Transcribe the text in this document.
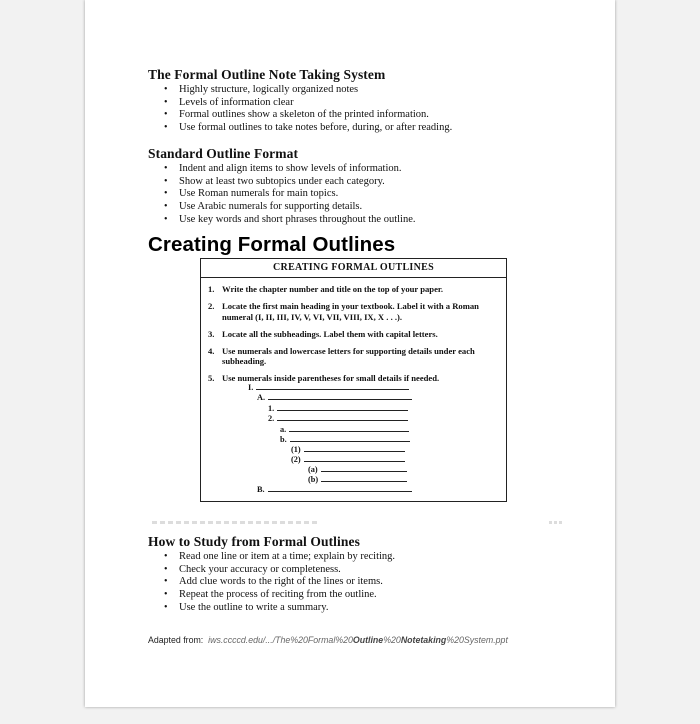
The Formal Outline Note Taking System
• Highly structure, logically organized notes
• Levels of information clear
• Formal outlines show a skeleton of the printed information.
• Use formal outlines to take notes before, during, or after reading.
Standard Outline Format
• Indent and align items to show levels of information.
• Show at least two subtopics under each category.
• Use Roman numerals for main topics.
• Use Arabic numerals for supporting details.
• Use key words and short phrases throughout the outline.
Creating Formal Outlines
CREATING FORMAL OUTLINES
1. Write the chapter number and title on the top of your paper.
2. Locate the first main heading in your textbook. Label it with a Roman numeral (I, II, III, IV, V, VI, VII, VIII, IX, X . . .).
3. Locate all the subheadings. Label them with capital letters.
4. Use numerals and lowercase letters for supporting details under each subheading.
5. Use numerals inside parentheses for small details if needed.
I.
A.
1.
2.
a.
b.
(1)
(2)
(a)
(b)
B.
How to Study from Formal Outlines
• Read one line or item at a time; explain by reciting.
• Check your accuracy or completeness.
• Add clue words to the right of the lines or items.
• Repeat the process of reciting from the outline.
• Use the outline to write a summary.
Adapted from: iws.ccccd.edu/.../The%20Formal%20Outline%20Notetaking%20System.ppt
